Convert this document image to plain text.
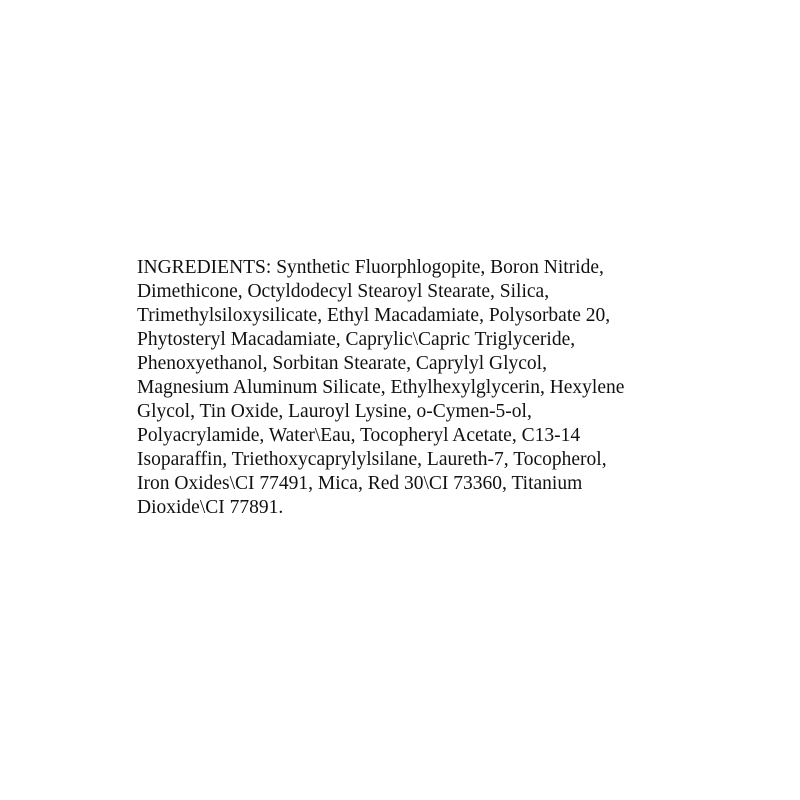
INGREDIENTS: Synthetic Fluorphlogopite, Boron Nitride,
Dimethicone, Octyldodecyl Stearoyl Stearate, Silica,
Trimethylsiloxysilicate, Ethyl Macadamiate, Polysorbate 20,
Phytosteryl Macadamiate, Caprylic\Capric Triglyceride,
Phenoxyethanol, Sorbitan Stearate, Caprylyl Glycol,
Magnesium Aluminum Silicate, Ethylhexylglycerin, Hexylene
Glycol, Tin Oxide, Lauroyl Lysine, o-Cymen-5-ol,
Polyacrylamide, Water\Eau, Tocopheryl Acetate, C13-14
Isoparaffin, Triethoxycaprylylsilane, Laureth-7, Tocopherol,
Iron Oxides\CI 77491, Mica, Red 30\CI 73360, Titanium
Dioxide\CI 77891.
